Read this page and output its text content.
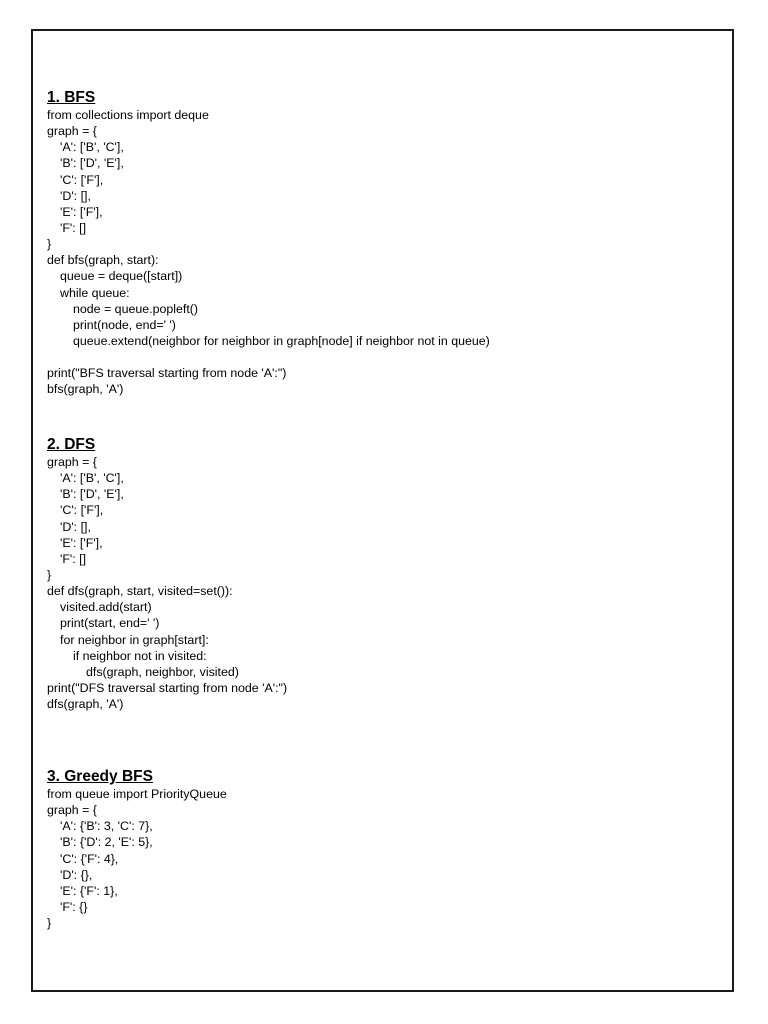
1. BFS
from collections import deque
graph = {
'A': ['B', 'C'],
'B': ['D', 'E'],
'C': ['F'],
'D': [],
'E': ['F'],
'F': []
}
def bfs(graph, start):
queue = deque([start])
while queue:
node = queue.popleft()
print(node, end=' ')
queue.extend(neighbor for neighbor in graph[node] if neighbor not in queue)
print("BFS traversal starting from node 'A':")
bfs(graph, 'A')
2. DFS
graph = {
'A': ['B', 'C'],
'B': ['D', 'E'],
'C': ['F'],
'D': [],
'E': ['F'],
'F': []
}
def dfs(graph, start, visited=set()):
visited.add(start)
print(start, end=' ')
for neighbor in graph[start]:
if neighbor not in visited:
dfs(graph, neighbor, visited)
print("DFS traversal starting from node 'A':")
dfs(graph, 'A')
3. Greedy BFS
from queue import PriorityQueue
graph = {
'A': {'B': 3, 'C': 7},
'B': {'D': 2, 'E': 5},
'C': {'F': 4},
'D': {},
'E': {'F': 1},
'F': {}
}
